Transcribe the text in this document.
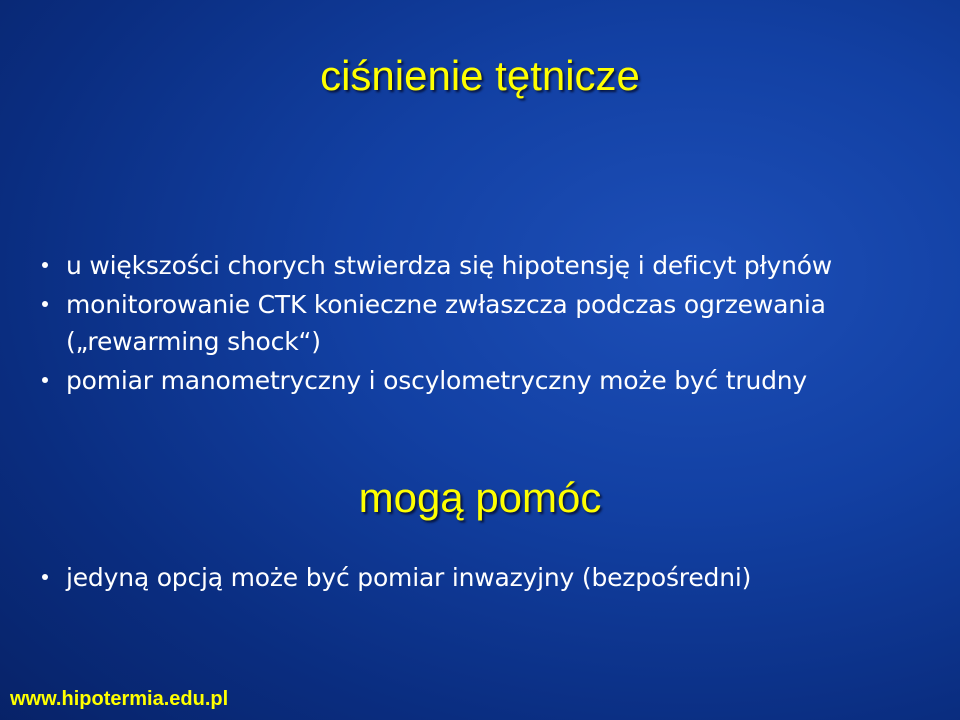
ciśnienie tętnicze
u większości chorych stwierdza się hipotensję i deficyt płynów
monitorowanie CTK konieczne zwłaszcza podczas ogrzewania („rewarming shock“)
pomiar manometryczny i oscylometryczny może być trudny
mogą pomóc
jedyną opcją może być pomiar inwazyjny (bezpośredni)
www.hipotermia.edu.pl
